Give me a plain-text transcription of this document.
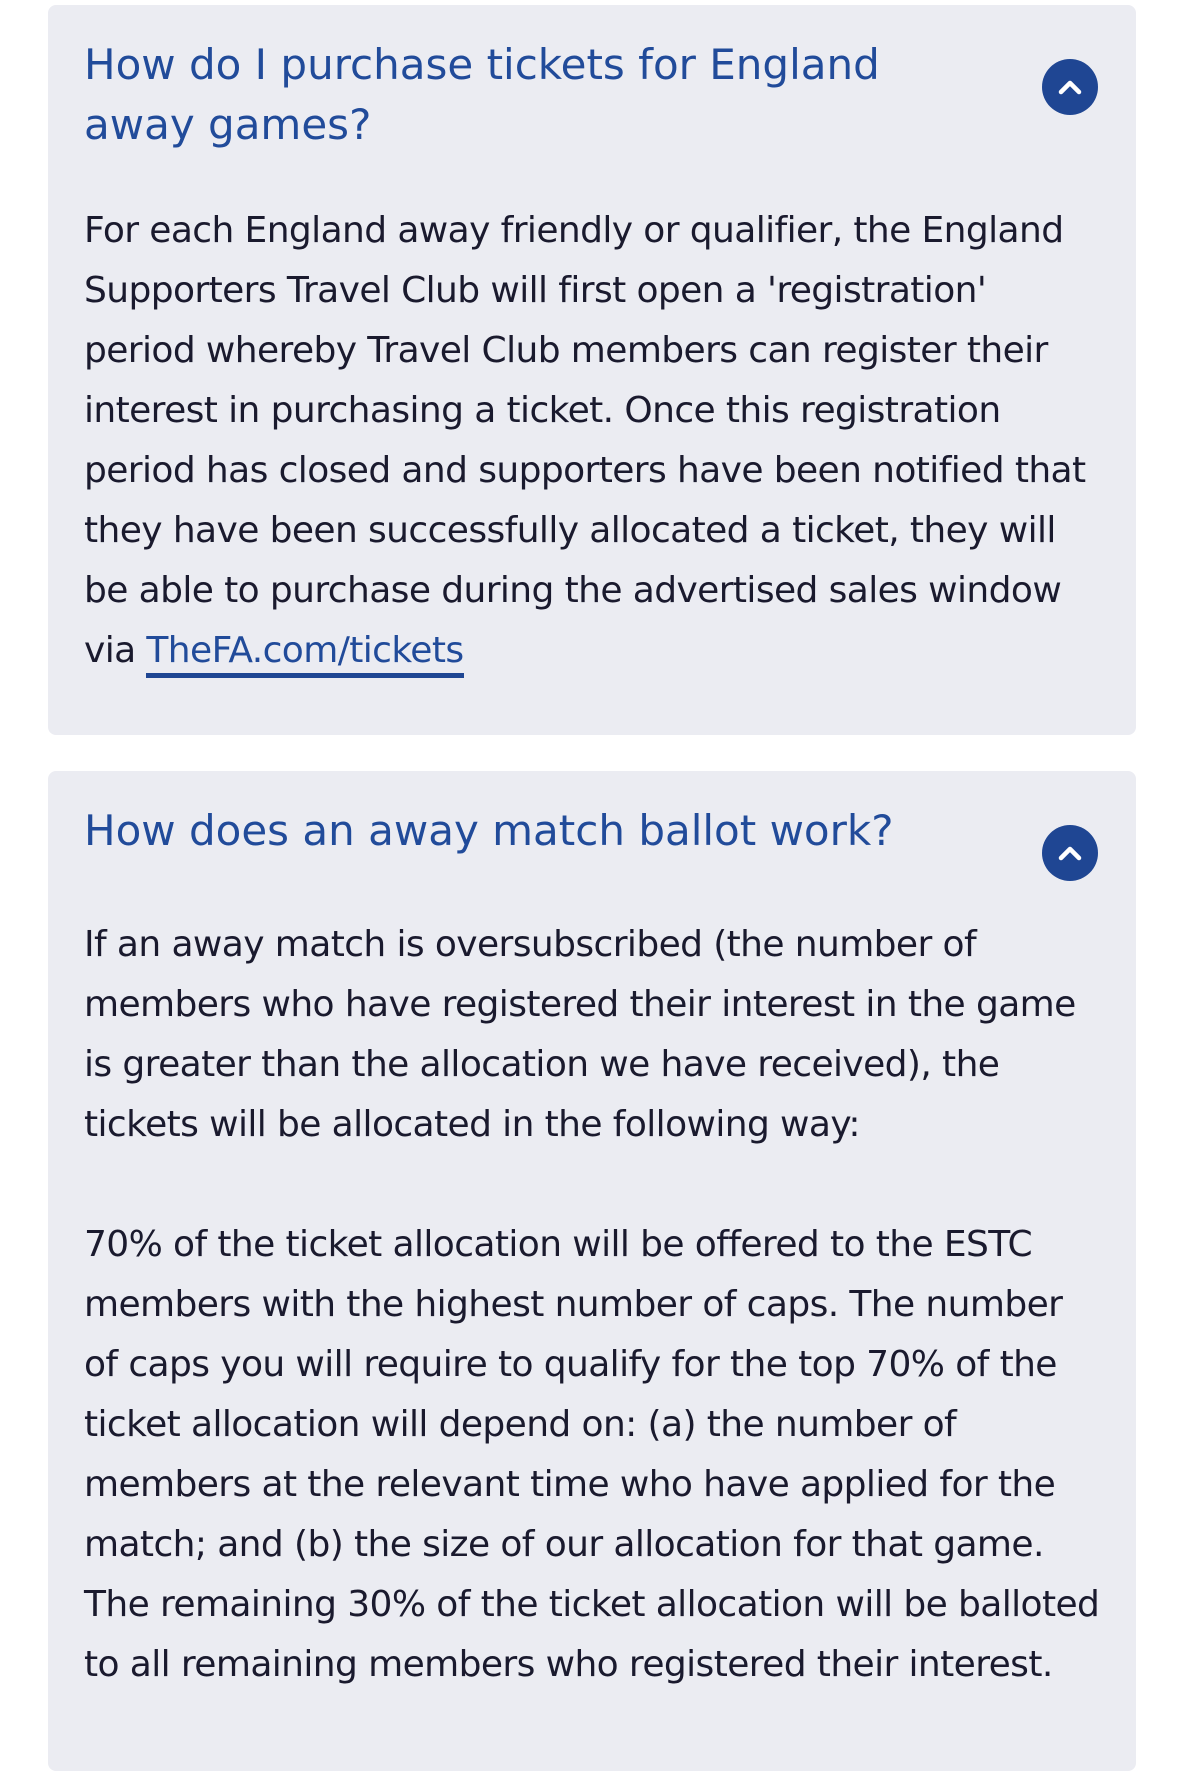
How do I purchase tickets for England away games?

For each England away friendly or qualifier, the England Supporters Travel Club will first open a 'registration' period whereby Travel Club members can register their interest in purchasing a ticket. Once this registration period has closed and supporters have been notified that they have been successfully allocated a ticket, they will be able to purchase during the advertised sales window via TheFA.com/tickets

How does an away match ballot work?

If an away match is oversubscribed (the number of members who have registered their interest in the game is greater than the allocation we have received), the tickets will be allocated in the following way:

70% of the ticket allocation will be offered to the ESTC members with the highest number of caps. The number of caps you will require to qualify for the top 70% of the ticket allocation will depend on: (a) the number of members at the relevant time who have applied for the match; and (b) the size of our allocation for that game. The remaining 30% of the ticket allocation will be balloted to all remaining members who registered their interest.
